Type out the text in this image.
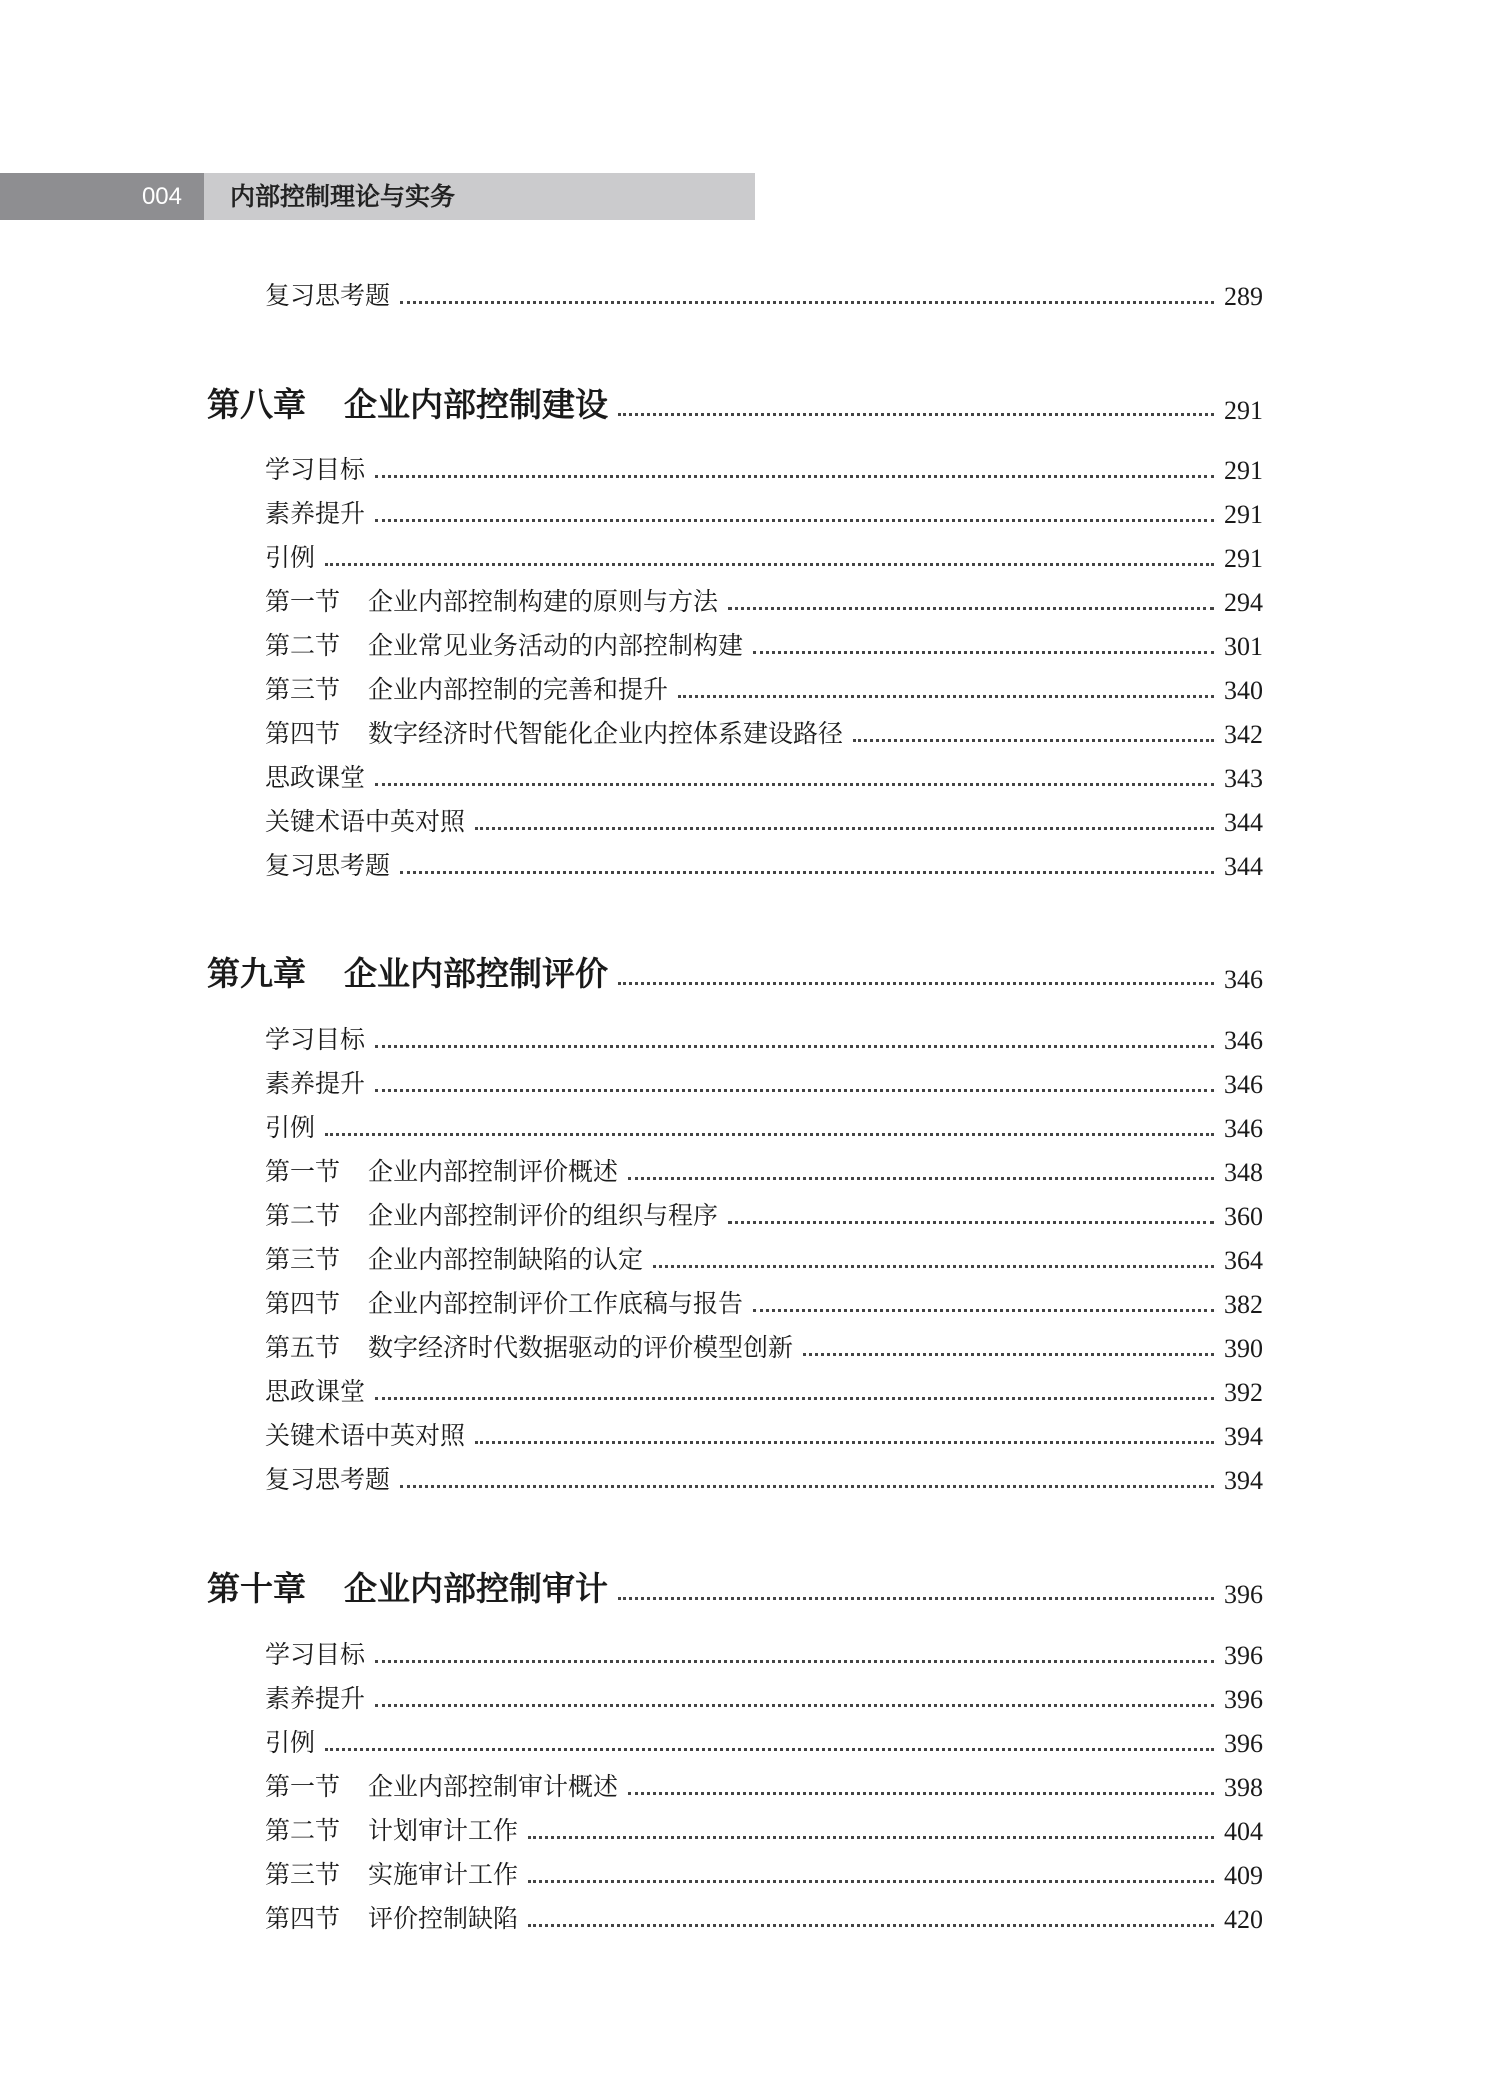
004	内部控制理论与实务
复习思考题	289
第八章 企业内部控制建设	291
学习目标	291
素养提升	291
引例	291
第一节 企业内部控制构建的原则与方法	294
第二节 企业常见业务活动的内部控制构建	301
第三节 企业内部控制的完善和提升	340
第四节 数字经济时代智能化企业内控体系建设路径	342
思政课堂	343
关键术语中英对照	344
复习思考题	344
第九章 企业内部控制评价	346
学习目标	346
素养提升	346
引例	346
第一节 企业内部控制评价概述	348
第二节 企业内部控制评价的组织与程序	360
第三节 企业内部控制缺陷的认定	364
第四节 企业内部控制评价工作底稿与报告	382
第五节 数字经济时代数据驱动的评价模型创新	390
思政课堂	392
关键术语中英对照	394
复习思考题	394
第十章 企业内部控制审计	396
学习目标	396
素养提升	396
引例	396
第一节 企业内部控制审计概述	398
第二节 计划审计工作	404
第三节 实施审计工作	409
第四节 评价控制缺陷	420
